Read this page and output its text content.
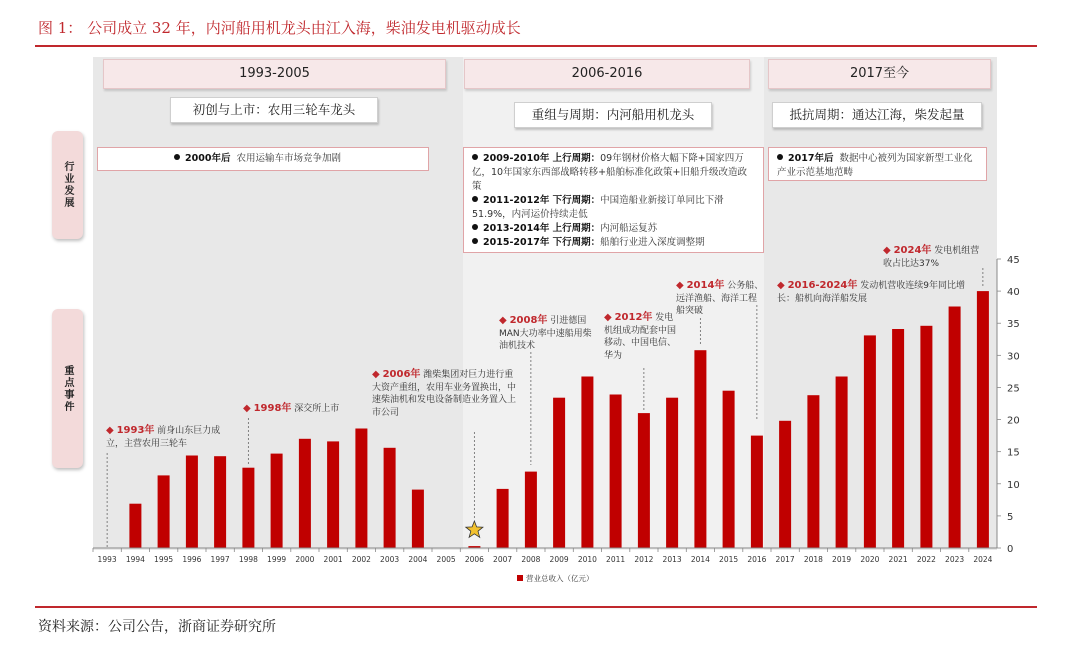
图 1： 公司成立 32 年，内河船用机龙头由江入海，柴油发电机驱动成长
1993-2005	2006-2016	2017至今
初创与上市：农用三轮车龙头	重组与周期：内河船用机龙头	抵抗周期：通达江海，柴发起量
行业发展
重点事件

2000年后 农用运输车市场竞争加剧	2009-2010年 上行周期：09年钢材价格大幅下降+国家四万亿，10年国家东西部战略转移+船舶标准化政策+旧船升级改造政策

2011-2012年 下行周期：中国造船业新接订单同比下滑51.9%，内河运价持续走低

2013-2014年 上行周期：内河船运复苏

2015-2017年 下行周期：船舶行业进入深度调整期

2017年后 数据中心被列为国家新型工业化产业示范基地范畴

1993 1994 1995 1996 1997 1998 1999 2000 2001 2002 2003 2004 2005 2006 2007 2008 2009 2010 2011 2012 2013 2014 2015 2016 2017 2018 2019 2020 2021 2022 2023 2024
0
5
10
15
20
25
30
35
40
45
◆ 1993年 前身山东巨力成立，主营农用三轮车
◆ 1998年 深交所上市
◆ 2006年 潍柴集团对巨力进行重大资产重组，农用车业务置换出，中速柴油机和发电设备制造业务置入上市公司
◆ 2008年 引进德国MAN大功率中速船用柴油机技术
◆ 2012年 发电机组成功配套中国移动、中国电信、华为
◆ 2014年 公务船、远洋渔船、海洋工程船突破
◆ 2016-2024年 发动机营收连续9年同比增长：船机向海洋船发展
◆ 2024年 发电机组营收占比达37%
营业总收入（亿元）
资料来源：公司公告，浙商证券研究所
